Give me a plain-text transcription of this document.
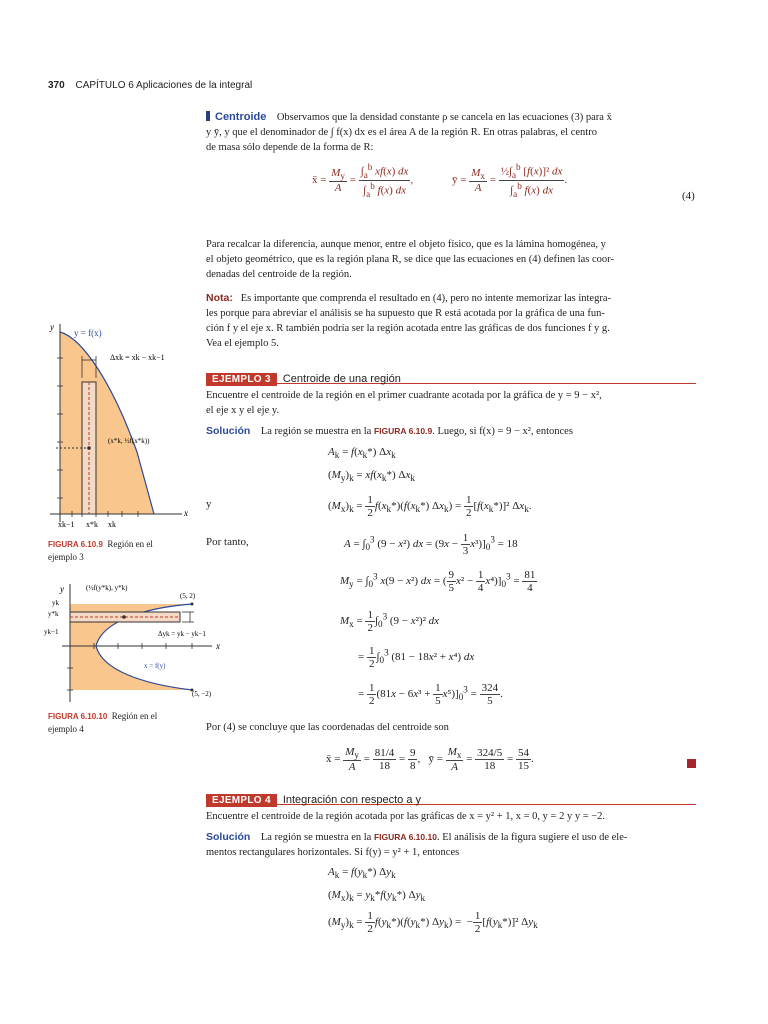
370 CAPÍTULO 6 Aplicaciones de la integral
Centroide Observamos que la densidad constante ρ se cancela en las ecuaciones (3) para x̄
y ȳ, y que el denominador de ∫ f(x) dx es el área A de la región R. En otras palabras, el centro
de masa sólo depende de la forma de R:
x̄ = $\frac{M_y}{A} = \frac{\int_a^b xf(x) dx}{\int_a^b f(x) dx}$ ,	ȳ = $\frac{M_x}{A} = \frac{\frac{1}{2}\int_a^b [f(x)]^2 dx}{\int_a^b f(x) dx}$ .
(4)
Para recalcar la diferencia, aunque menor, entre el objeto físico, que es la lámina homogénea, y
el objeto geométrico, que es la región plana R, se dice que las ecuaciones en (4) definen las coor-
denadas del centroide de la región.
Nota: Es importante que comprenda el resultado en (4), pero no intente memorizar las integra-
les porque para abreviar el análisis se ha supuesto que R está acotada por la gráfica de una fun-
ción f y el eje x. R también podría ser la región acotada entre las gráficas de dos funciones f y g.
Vea el ejemplo 5.
EJEMPLO 3 Centroide de una región
Encuentre el centroide de la región en el primer cuadrante acotada por la gráfica de y = 9 − x²,
el eje x y el eje y.
Solución La región se muestra en la FIGURA 6.10.9. Luego, si f(x) = 9 − x², entonces
$A_k = f(x_k*)$ $\Delta x_k$
$(M_y)_k = xf(x_k*)$ $\Delta x_k$
y	$(M_x)_k = \frac{1}{2} f(x_k*)(f(x_k*) \Delta x_k) = \frac{1}{2} [f(x_k*)]^2$ $\Delta x_k$.
Por tanto,	$A = \int_0^3$ (9 − x²) dx = $(9x - \frac{1}{3} x^3)]_0^3 = 18$
$M_y = \int_0^3$ x(9 − x²) dx = ( $\frac{9}{5} x^2 - \frac{1}{4} x^4)]_0^3 = \frac{81}{4}$
$M_x = \frac{1}{2} \int_0^3$ (9 − x²)² dx
= $\frac{1}{2} \int_0^3$ (81 − 18x² + x⁴) dx
= $\frac{1}{2} (81x - 6x^3 + \frac{1}{5} x^5)]_0^3 = \frac{324}{5}$ .
Por (4) se concluye que las coordenadas del centroide son
x̄ = $\frac{M_y}{A} = \frac{81/4}{18} = \frac{9}{8}$ ,   ȳ = $\frac{M_x}{A} = \frac{324/5}{18} = \frac{54}{15}$ .
EJEMPLO 4 Integración con respecto a y
Encuentre el centroide de la región acotada por las gráficas de x = y² + 1, x = 0, y = 2 y y = −2.
Solución La región se muestra en la FIGURA 6.10.10. El análisis de la figura sugiere el uso de ele-
mentos rectangulares horizontales. Si f(y) = y² + 1, entonces
$A_k = f(y_k*)$ $\Delta y_k$
$(M_x)_k = y_k*f(y_k*)$ $\Delta y_k$
$(M_y)_k = \frac{1}{2} f(y_k*)(f(y_k*) \Delta y_k)$ =  − $\frac{1}{2} [f(y_k*)]^2$ $\Delta y_k$
y
x
y = f(x)
Δxk = xk − xk−1
(x*k, ½f(x*k))
xk−1 x*k xk
FIGURA 6.10.9 Región en el ejemplo 3
y
x
(½f(y*k), y*k)
(5, 2)
(5, −2)
Δyk = yk − yk−1
x = f(y)
yk
y*k
yk−1
FIGURA 6.10.10 Región en el ejemplo 4
